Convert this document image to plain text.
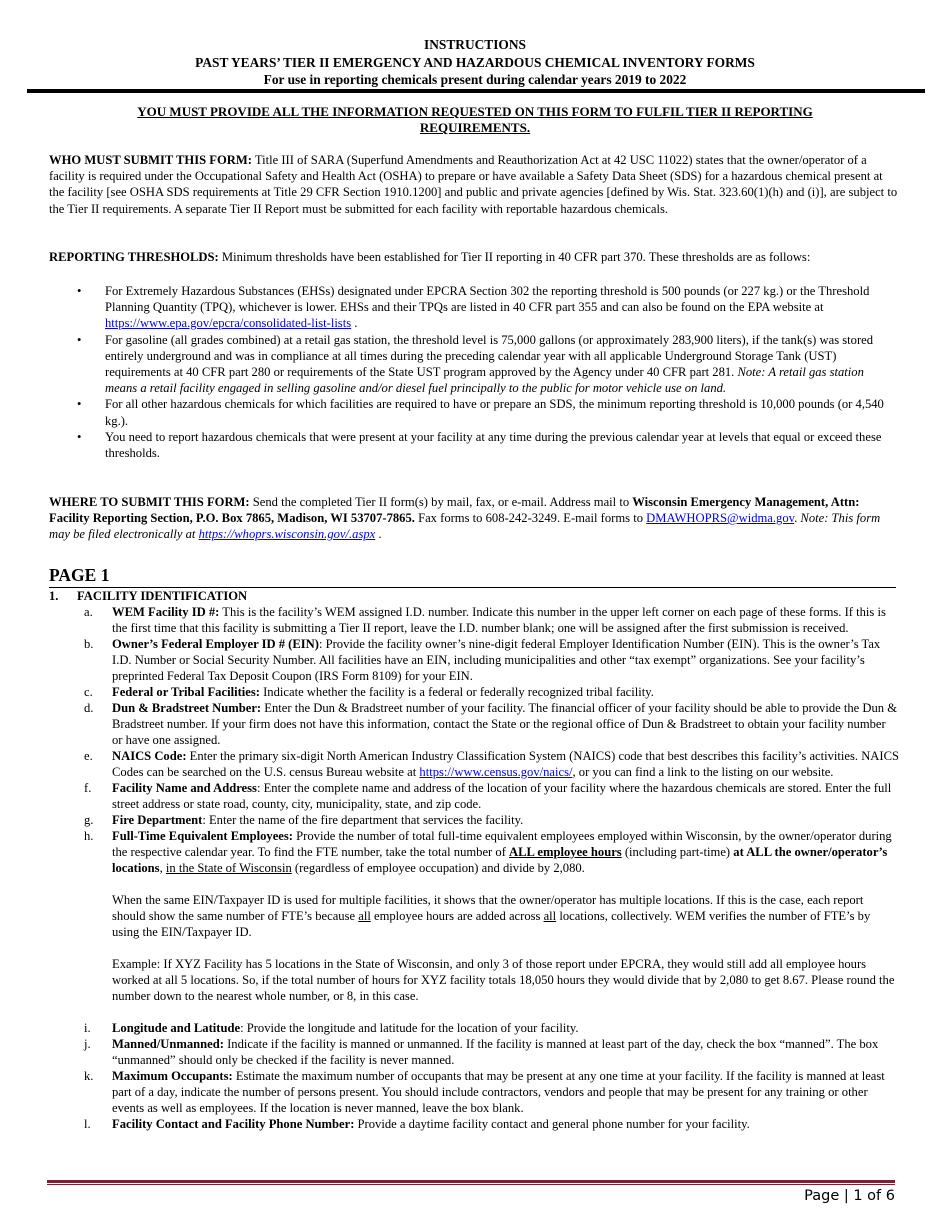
INSTRUCTIONS
PAST YEARS’ TIER II EMERGENCY AND HAZARDOUS CHEMICAL INVENTORY FORMS
For use in reporting chemicals present during calendar years 2019 to 2022
YOU MUST PROVIDE ALL THE INFORMATION REQUESTED ON THIS FORM TO FULFIL TIER II REPORTING REQUIREMENTS.
WHO MUST SUBMIT THIS FORM: Title III of SARA (Superfund Amendments and Reauthorization Act at 42 USC 11022) states that the owner/operator of a facility is required under the Occupational Safety and Health Act (OSHA) to prepare or have available a Safety Data Sheet (SDS) for a hazardous chemical present at the facility [see OSHA SDS requirements at Title 29 CFR Section 1910.1200] and public and private agencies [defined by Wis. Stat. 323.60(1)(h) and (i)], are subject to the Tier II requirements. A separate Tier II Report must be submitted for each facility with reportable hazardous chemicals.
REPORTING THRESHOLDS: Minimum thresholds have been established for Tier II reporting in 40 CFR part 370. These thresholds are as follows:
• For Extremely Hazardous Substances (EHSs) designated under EPCRA Section 302 the reporting threshold is 500 pounds (or 227 kg.) or the Threshold Planning Quantity (TPQ), whichever is lower. EHSs and their TPQs are listed in 40 CFR part 355 and can also be found on the EPA website at https://www.epa.gov/epcra/consolidated-list-lists .
• For gasoline (all grades combined) at a retail gas station, the threshold level is 75,000 gallons (or approximately 283,900 liters), if the tank(s) was stored entirely underground and was in compliance at all times during the preceding calendar year with all applicable Underground Storage Tank (UST) requirements at 40 CFR part 280 or requirements of the State UST program approved by the Agency under 40 CFR part 281. Note: A retail gas station means a retail facility engaged in selling gasoline and/or diesel fuel principally to the public for motor vehicle use on land.
• For all other hazardous chemicals for which facilities are required to have or prepare an SDS, the minimum reporting threshold is 10,000 pounds (or 4,540 kg.).
• You need to report hazardous chemicals that were present at your facility at any time during the previous calendar year at levels that equal or exceed these thresholds.
WHERE TO SUBMIT THIS FORM: Send the completed Tier II form(s) by mail, fax, or e-mail. Address mail to Wisconsin Emergency Management, Attn: Facility Reporting Section, P.O. Box 7865, Madison, WI 53707-7865. Fax forms to 608-242-3249. E-mail forms to DMAWHOPRS@widma.gov. Note: This form may be filed electronically at https://whoprs.wisconsin.gov/.aspx .
PAGE 1
1. FACILITY IDENTIFICATION
a. WEM Facility ID #: This is the facility’s WEM assigned I.D. number. Indicate this number in the upper left corner on each page of these forms. If this is the first time that this facility is submitting a Tier II report, leave the I.D. number blank; one will be assigned after the first submission is received.
b. Owner’s Federal Employer ID # (EIN): Provide the facility owner’s nine-digit federal Employer Identification Number (EIN). This is the owner’s Tax I.D. Number or Social Security Number. All facilities have an EIN, including municipalities and other “tax exempt” organizations. See your facility’s preprinted Federal Tax Deposit Coupon (IRS Form 8109) for your EIN.
c. Federal or Tribal Facilities: Indicate whether the facility is a federal or federally recognized tribal facility.
d. Dun & Bradstreet Number: Enter the Dun & Bradstreet number of your facility. The financial officer of your facility should be able to provide the Dun & Bradstreet number. If your firm does not have this information, contact the State or the regional office of Dun & Bradstreet to obtain your facility number or have one assigned.
e. NAICS Code: Enter the primary six-digit North American Industry Classification System (NAICS) code that best describes this facility’s activities. NAICS Codes can be searched on the U.S. census Bureau website at https://www.census.gov/naics/, or you can find a link to the listing on our website.
f. Facility Name and Address: Enter the complete name and address of the location of your facility where the hazardous chemicals are stored. Enter the full street address or state road, county, city, municipality, state, and zip code.
g. Fire Department: Enter the name of the fire department that services the facility.
h. Full-Time Equivalent Employees: Provide the number of total full-time equivalent employees employed within Wisconsin, by the owner/operator during the respective calendar year. To find the FTE number, take the total number of ALL employee hours (including part-time) at ALL the owner/operator’s locations, in the State of Wisconsin (regardless of employee occupation) and divide by 2,080.
When the same EIN/Taxpayer ID is used for multiple facilities, it shows that the owner/operator has multiple locations. If this is the case, each report should show the same number of FTE’s because all employee hours are added across all locations, collectively. WEM verifies the number of FTE’s by using the EIN/Taxpayer ID.
Example: If XYZ Facility has 5 locations in the State of Wisconsin, and only 3 of those report under EPCRA, they would still add all employee hours worked at all 5 locations. So, if the total number of hours for XYZ facility totals 18,050 hours they would divide that by 2,080 to get 8.67. Please round the number down to the nearest whole number, or 8, in this case.
i. Longitude and Latitude: Provide the longitude and latitude for the location of your facility.
j. Manned/Unmanned: Indicate if the facility is manned or unmanned. If the facility is manned at least part of the day, check the box “manned”. The box “unmanned” should only be checked if the facility is never manned.
k. Maximum Occupants: Estimate the maximum number of occupants that may be present at any one time at your facility. If the facility is manned at least part of a day, indicate the number of persons present. You should include contractors, vendors and people that may be present for any training or other events as well as employees. If the location is never manned, leave the box blank.
l. Facility Contact and Facility Phone Number: Provide a daytime facility contact and general phone number for your facility.
Page | 1 of 6
